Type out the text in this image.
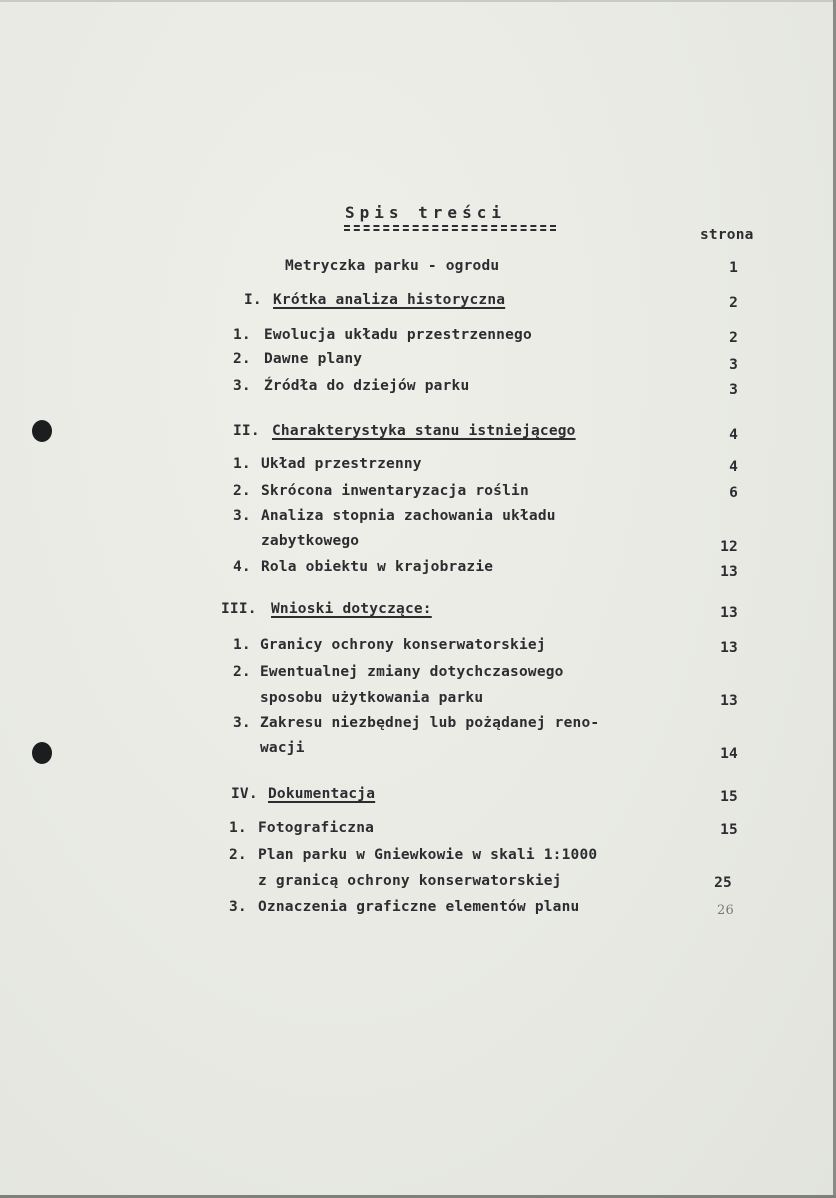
Spis treści
strona
Metryczka parku - ogrodu	1
I. Krótka analiza historyczna	2
1. Ewolucja układu przestrzennego	2
2. Dawne plany	3
3. Źródła do dziejów parku	3
II. Charakterystyka stanu istniejącego	4
1. Układ przestrzenny	4
2. Skrócona inwentaryzacja roślin	6
3. Analiza stopnia zachowania układu
zabytkowego	12
4. Rola obiektu w krajobrazie	13
III. Wnioski dotyczące:	13
1. Granicy ochrony konserwatorskiej	13
2. Ewentualnej zmiany dotychczasowego
sposobu użytkowania parku	13
3. Zakresu niezbędnej lub pożądanej reno-
wacji	14
IV. Dokumentacja	15
1. Fotograficzna	15
2. Plan parku w Gniewkowie w skali 1:1000
z granicą ochrony konserwatorskiej	25
3. Oznaczenia graficzne elementów planu	26
